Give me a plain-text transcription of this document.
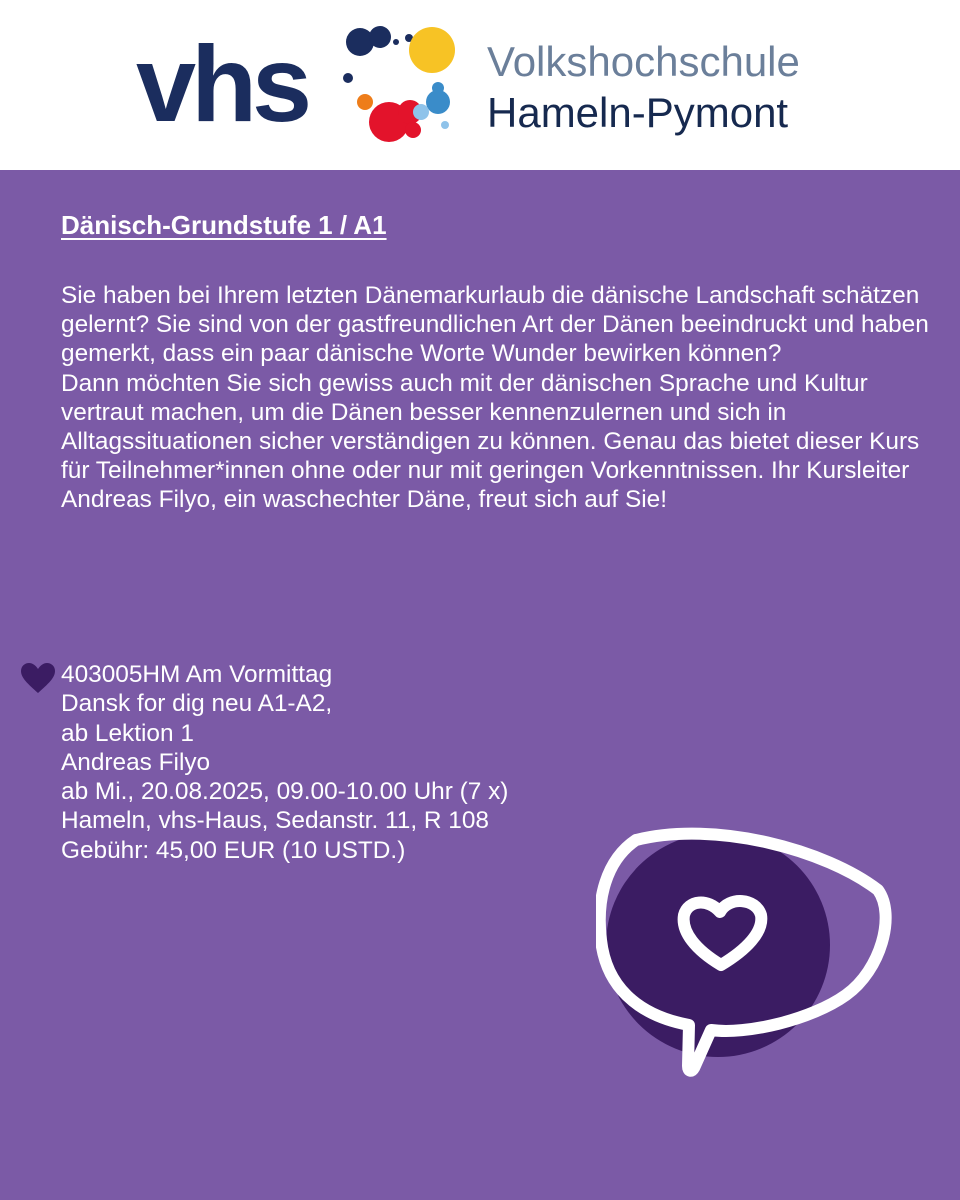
vhs	Volkshochschule
Hameln-Pymont
Dänisch-Grundstufe 1 / A1

Sie haben bei Ihrem letzten Dänemarkurlaub die dänische Landschaft schätzen gelernt? Sie sind von der gastfreundlichen Art der Dänen beeindruckt und haben gemerkt, dass ein paar dänische Worte Wunder bewirken können?

Dann möchten Sie sich gewiss auch mit der dänischen Sprache und Kultur vertraut machen, um die Dänen besser kennenzulernen und sich in Alltagssituationen sicher verständigen zu können. Genau das bietet dieser Kurs für Teilnehmer*innen ohne oder nur mit geringen Vorkenntnissen. Ihr Kursleiter Andreas Filyo, ein waschechter Däne, freut sich auf Sie!

403005HM Am Vormittag
Dansk for dig neu A1-A2,
ab Lektion 1
Andreas Filyo
ab Mi., 20.08.2025, 09.00-10.00 Uhr (7 x)
Hameln, vhs-Haus, Sedanstr. 11, R 108
Gebühr: 45,00 EUR (10 USTD.)
